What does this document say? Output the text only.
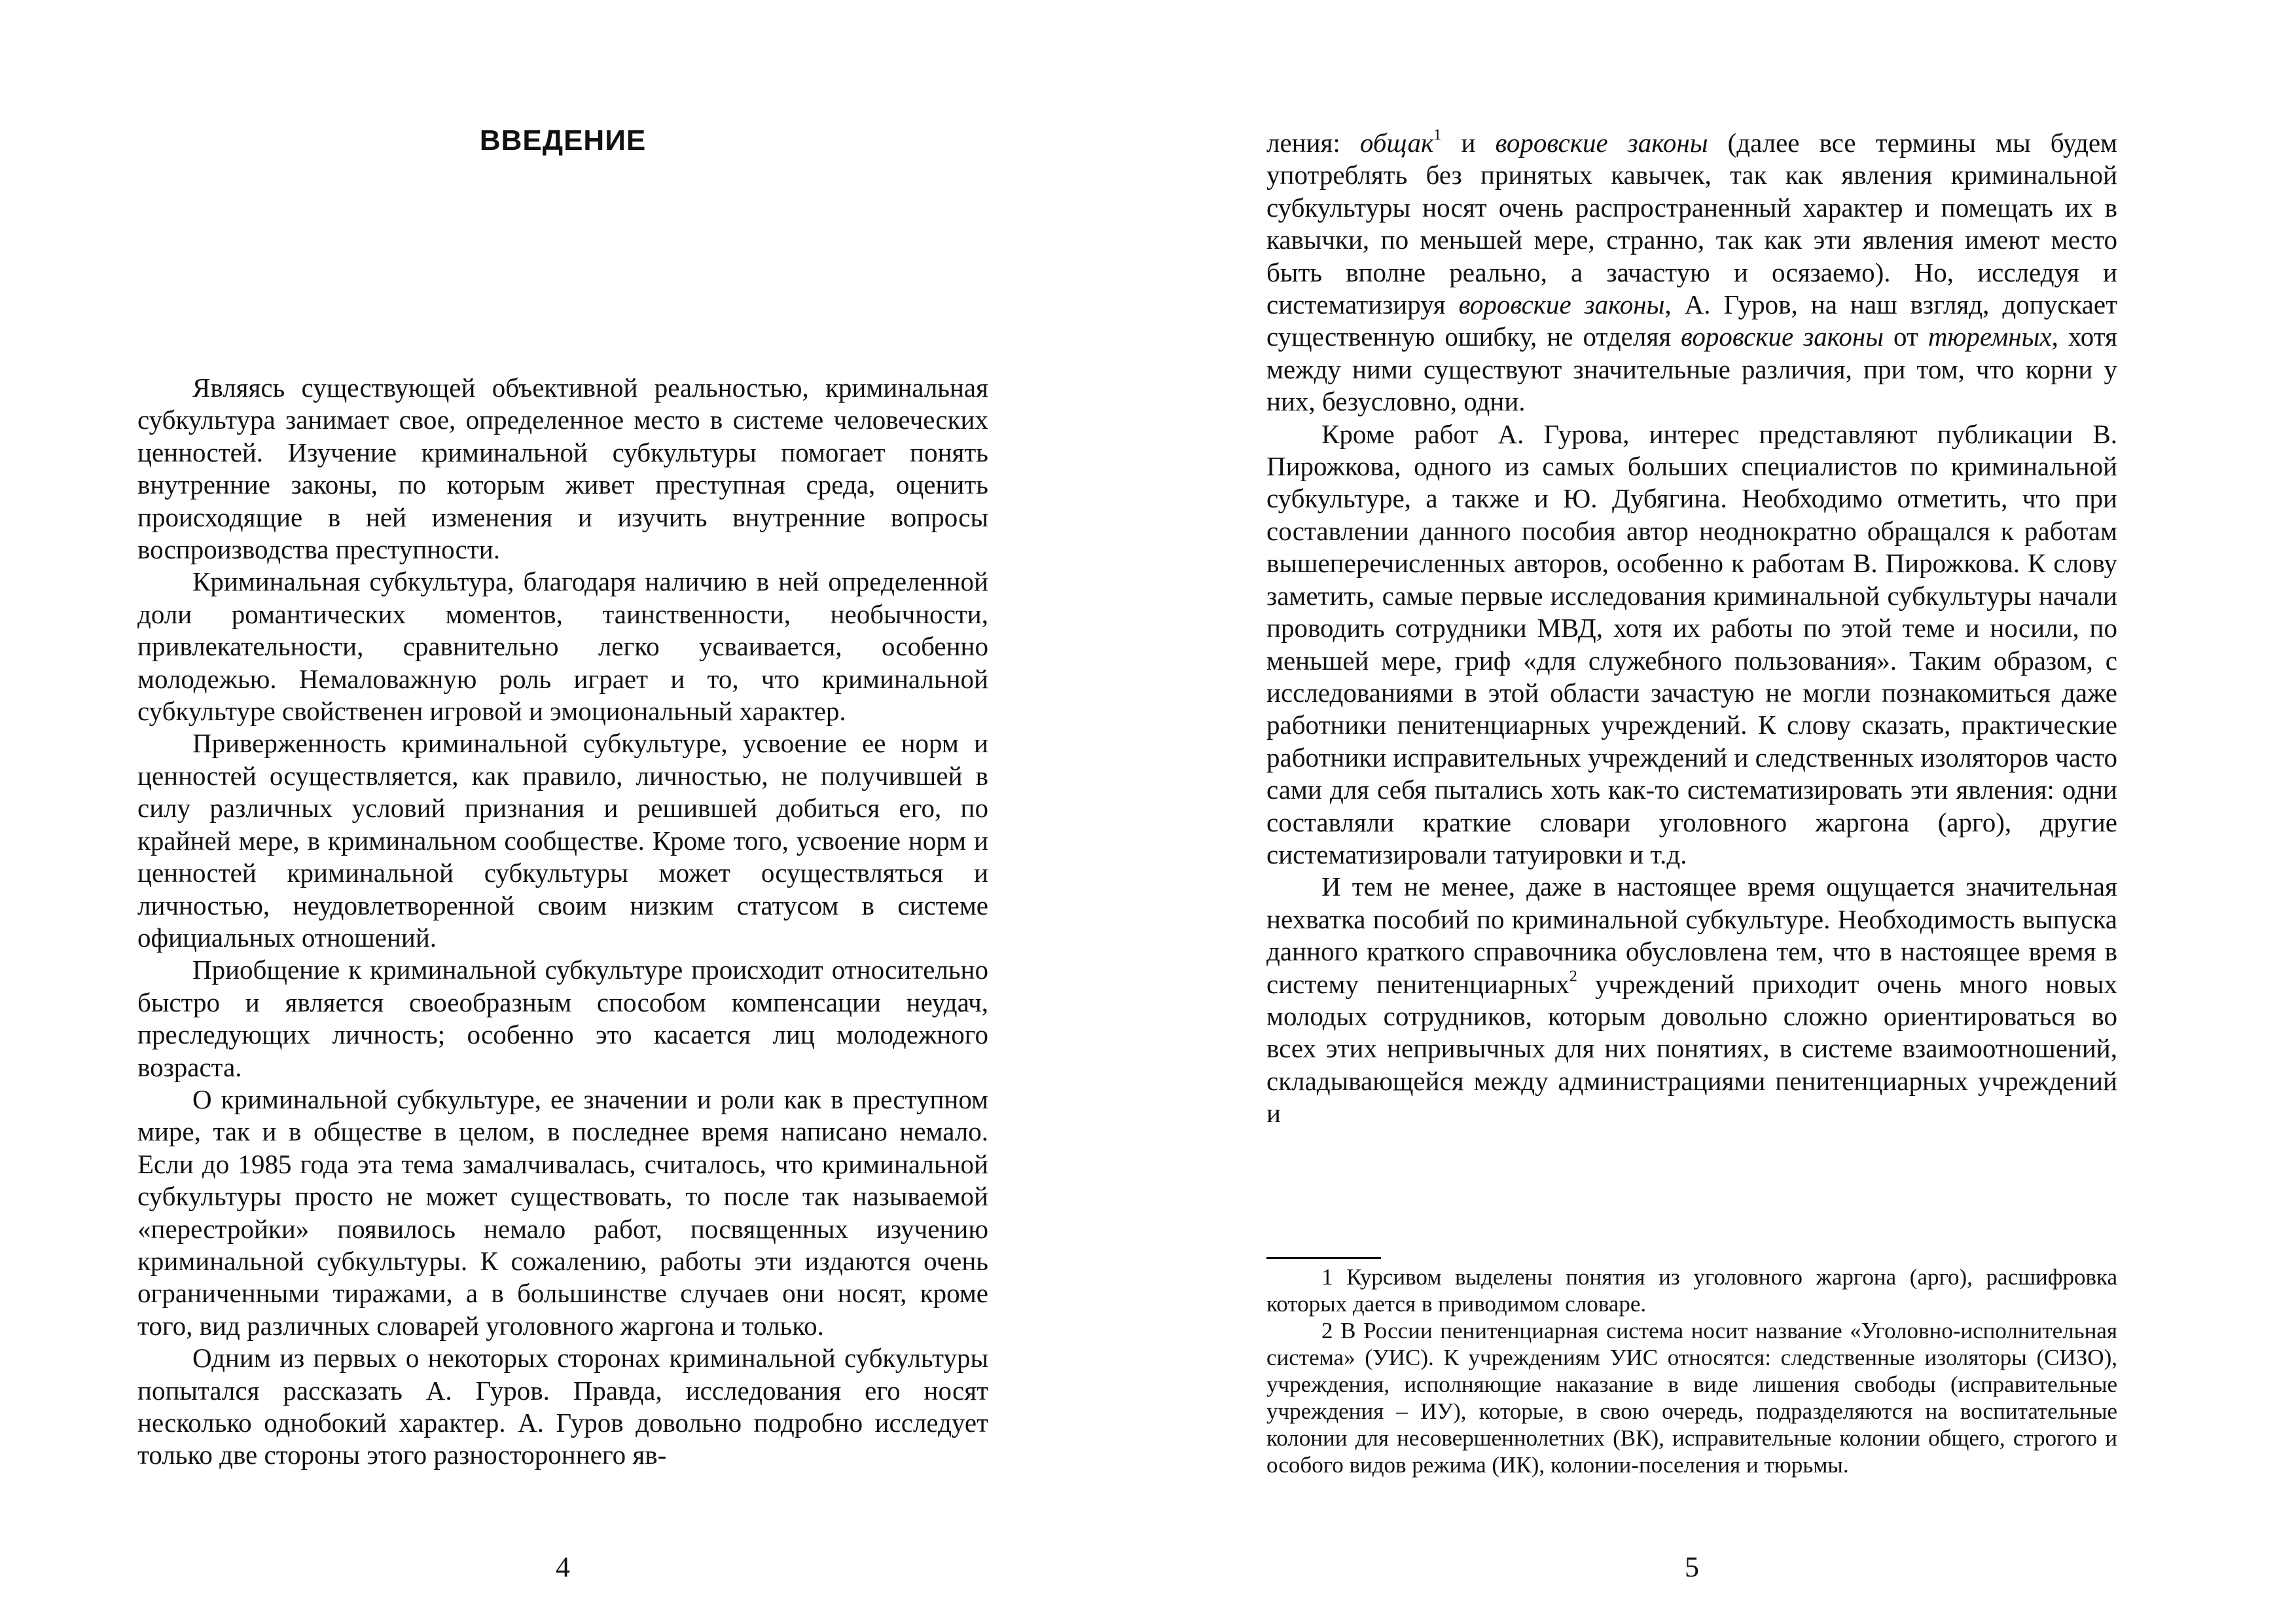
ВВЕДЕНИЕ

Являясь существующей объективной реальностью, криминальная субкультура занимает свое, определенное место в системе человеческих ценностей. Изучение криминальной субкультуры помогает понять внутренние законы, по которым живет преступная среда, оценить происходящие в ней изменения и изучить внутренние вопросы воспроизводства преступности.

Криминальная субкультура, благодаря наличию в ней определенной доли романтических моментов, таинственности, необычности, привлекательности, сравнительно легко усваивается, особенно молодежью. Немаловажную роль играет и то, что криминальной субкультуре свойственен игровой и эмоциональный характер.

Приверженность криминальной субкультуре, усвоение ее норм и ценностей осуществляется, как правило, личностью, не получившей в силу различных условий признания и решившей добиться его, по крайней мере, в криминальном сообществе. Кроме того, усвоение норм и ценностей криминальной субкультуры может осуществляться и личностью, неудовлетворенной своим низким статусом в системе официальных отношений.

Приобщение к криминальной субкультуре происходит относительно быстро и является своеобразным способом компенсации неудач, преследующих личность; особенно это касается лиц молодежного возраста.

О криминальной субкультуре, ее значении и роли как в преступном мире, так и в обществе в целом, в последнее время написано немало. Если до 1985 года эта тема замалчивалась, считалось, что криминальной субкультуры просто не может существовать, то после так называемой «перестройки» появилось немало работ, посвященных изучению криминальной субкультуры. К сожалению, работы эти издаются очень ограниченными тиражами, а в большинстве случаев они носят, кроме того, вид различных словарей уголовного жаргона и только.

Одним из первых о некоторых сторонах криминальной субкультуры попытался рассказать А. Гуров. Правда, исследования его носят несколько однобокий характер. А. Гуров довольно подробно исследует только две стороны этого разностороннего яв-

4

ления: общак$^1$ и воровские законы (далее все термины мы будем употреблять без принятых кавычек, так как явления криминальной субкультуры носят очень распространенный характер и помещать их в кавычки, по меньшей мере, странно, так как эти явления имеют место быть вполне реально, а зачастую и осязаемо). Но, исследуя и систематизируя воровские законы, А. Гуров, на наш взгляд, допускает существенную ошибку, не отделяя воровские законы от тюремных, хотя между ними существуют значительные различия, при том, что корни у них, безусловно, одни.

Кроме работ А. Гурова, интерес представляют публикации В. Пирожкова, одного из самых больших специалистов по криминальной субкультуре, а также и Ю. Дубягина. Необходимо отметить, что при составлении данного пособия автор неоднократно обращался к работам вышеперечисленных авторов, особенно к работам В. Пирожкова. К слову заметить, самые первые исследования криминальной субкультуры начали проводить сотрудники МВД, хотя их работы по этой теме и носили, по меньшей мере, гриф «для служебного пользования». Таким образом, с исследованиями в этой области зачастую не могли познакомиться даже работники пенитенциарных учреждений. К слову сказать, практические работники исправительных учреждений и следственных изоляторов часто сами для себя пытались хоть как-то систематизировать эти явления: одни составляли краткие словари уголовного жаргона (арго), другие систематизировали татуировки и т.д.

И тем не менее, даже в настоящее время ощущается значительная нехватка пособий по криминальной субкультуре. Необходимость выпуска данного краткого справочника обусловлена тем, что в настоящее время в систему пенитенциарных$^2$ учреждений приходит очень много новых молодых сотрудников, которым довольно сложно ориентироваться во всех этих непривычных для них понятиях, в системе взаимоотношений, складывающейся между администрациями пенитенциарных учреждений и

1 Курсивом выделены понятия из уголовного жаргона (арго), расшифровка которых дается в приводимом словаре.

2 В России пенитенциарная система носит название «Уголовно-исполнительная система» (УИС). К учреждениям УИС относятся: следственные изоляторы (СИЗО), учреждения, исполняющие наказание в виде лишения свободы (исправительные учреждения – ИУ), которые, в свою очередь, подразделяются на воспитательные колонии для несовершеннолетних (ВК), исправительные колонии общего, строгого и особого видов режима (ИК), колонии-поселения и тюрьмы.

5
